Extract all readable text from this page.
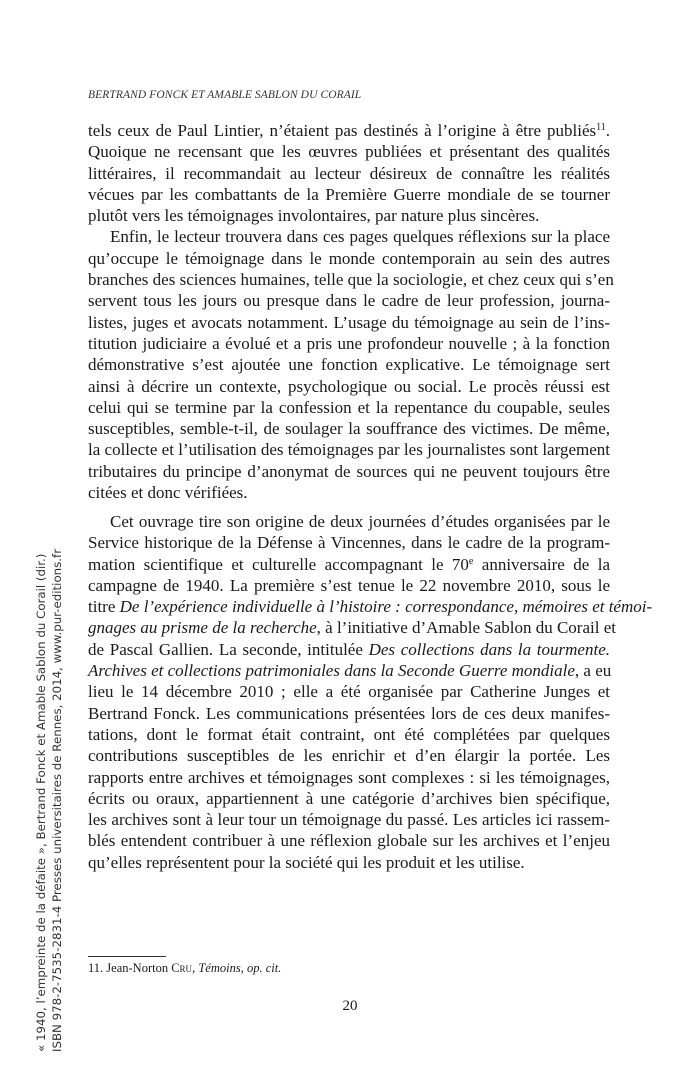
BERTRAND FONCK ET AMABLE SABLON DU CORAIL
tels ceux de Paul Lintier, n’étaient pas destinés à l’origine à être publiés$^{11}$.
Quoique ne recensant que les œuvres publiées et présentant des qualités
littéraires, il recommandait au lecteur désireux de connaître les réalités
vécues par les combattants de la Première Guerre mondiale de se tourner
plutôt vers les témoignages involontaires, par nature plus sincères.
Enfin, le lecteur trouvera dans ces pages quelques réflexions sur la place
qu’occupe le témoignage dans le monde contemporain au sein des autres
branches des sciences humaines, telle que la sociologie, et chez ceux qui s’en
servent tous les jours ou presque dans le cadre de leur profession, journa-
listes, juges et avocats notamment. L’usage du témoignage au sein de l’ins-
titution judiciaire a évolué et a pris une profondeur nouvelle ; à la fonction
démonstrative s’est ajoutée une fonction explicative. Le témoignage sert
ainsi à décrire un contexte, psychologique ou social. Le procès réussi est
celui qui se termine par la confession et la repentance du coupable, seules
susceptibles, semble-t-il, de soulager la souffrance des victimes. De même,
la collecte et l’utilisation des témoignages par les journalistes sont largement
tributaires du principe d’anonymat de sources qui ne peuvent toujours être
citées et donc vérifiées.
Cet ouvrage tire son origine de deux journées d’études organisées par le
Service historique de la Défense à Vincennes, dans le cadre de la program-
mation scientifique et culturelle accompagnant le 70e anniversaire de la
campagne de 1940. La première s’est tenue le 22 novembre 2010, sous le
titre De l’expérience individuelle à l’histoire : correspondance, mémoires et témoi-
gnages au prisme de la recherche, à l’initiative d’Amable Sablon du Corail et
de Pascal Gallien. La seconde, intitulée Des collections dans la tourmente.
Archives et collections patrimoniales dans la Seconde Guerre mondiale, a eu
lieu le 14 décembre 2010 ; elle a été organisée par Catherine Junges et
Bertrand Fonck. Les communications présentées lors de ces deux manifes-
tations, dont le format était contraint, ont été complétées par quelques
contributions susceptibles de les enrichir et d’en élargir la portée. Les
rapports entre archives et témoignages sont complexes : si les témoignages,
écrits ou oraux, appartiennent à une catégorie d’archives bien spécifique,
les archives sont à leur tour un témoignage du passé. Les articles ici rassem-
blés entendent contribuer à une réflexion globale sur les archives et l’enjeu
qu’elles représentent pour la société qui les produit et les utilise.
11. Jean-Norton Cru, Témoins, op. cit.
20
« 1940, l’empreinte de la défaite », Bertrand Fonck et Amable Sablon du Corail (dir.) ISBN 978-2-7535-2831-4 Presses universitaires de Rennes, 2014, www.pur-editions.fr
